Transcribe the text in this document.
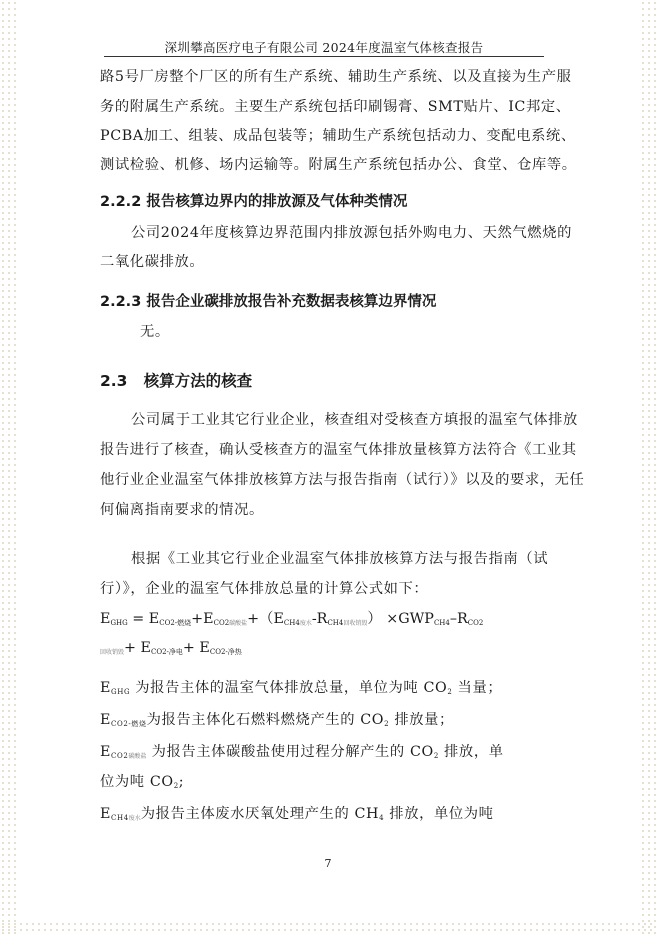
深圳攀高医疗电子有限公司 2024年度温室气体核查报告
路5号厂房整个厂区的所有生产系统、辅助生产系统、以及直接为生产服
务的附属生产系统。主要生产系统包括印刷锡膏、SMT贴片、IC邦定、
PCBA加工、组装、成品包装等；辅助生产系统包括动力、变配电系统、
测试检验、机修、场内运输等。附属生产系统包括办公、食堂、仓库等。
2.2.2 报告核算边界内的排放源及气体种类情况
公司2024年度核算边界范围内排放源包括外购电力、天然气燃烧的
二氧化碳排放。
2.2.3 报告企业碳排放报告补充数据表核算边界情况
无。
2.3 核算方法的核查
公司属于工业其它行业企业，核查组对受核查方填报的温室气体排放
报告进行了核查，确认受核查方的温室气体排放量核算方法符合《工业其
他行业企业温室气体排放核算方法与报告指南（试行）》以及的要求，无任
何偏离指南要求的情况。
根据《工业其它行业企业温室气体排放核算方法与报告指南（试
行）》，企业的温室气体排放总量的计算公式如下：
$E_{GHG} = E_{CO2-燃烧}+E_{CO2}$碳酸盐$+(E_{CH4}$废水$-R_{CH4}$回收销毁） $\times GWP_{CH4}-R_{CO2}$
回收销毁+ $E_{CO2-净电}+ E_{CO2-净热}$
$E_{GHG}$ 为报告主体的温室气体排放总量，单位为吨 $CO_2$ 当量；
$E_{CO2-燃烧}$为报告主体化石燃料燃烧产生的 $CO_2$ 排放量；
$E_{CO2}$碳酸盐 为报告主体碳酸盐使用过程分解产生的 $CO_2$ 排放，单
位为吨 $CO_2$;
$E_{CH4}$废水为报告主体废水厌氧处理产生的 $CH_4$ 排放，单位为吨
7
